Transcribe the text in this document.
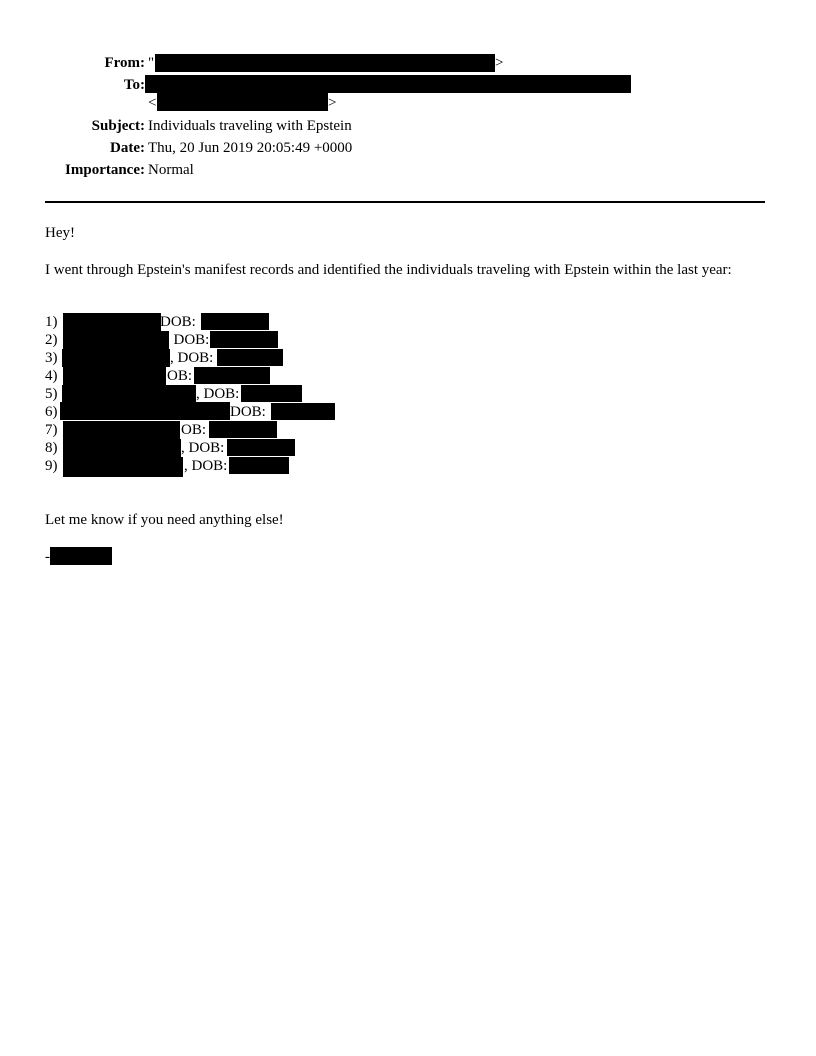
From: "	>
To:
<	>
Subject: Individuals traveling with Epstein
Date: Thu, 20 Jun 2019 20:05:49 +0000
Importance: Normal
Hey!
I went through Epstein's manifest records and identified the individuals traveling with Epstein within the last year:
1)	DOB:
2)	, DOB:
3)	, DOB:
4)	OB:
5)	, DOB:
6)	DOB:
7)	OB:
8)	, DOB:
9)	, DOB:
Let me know if you need anything else!
-
